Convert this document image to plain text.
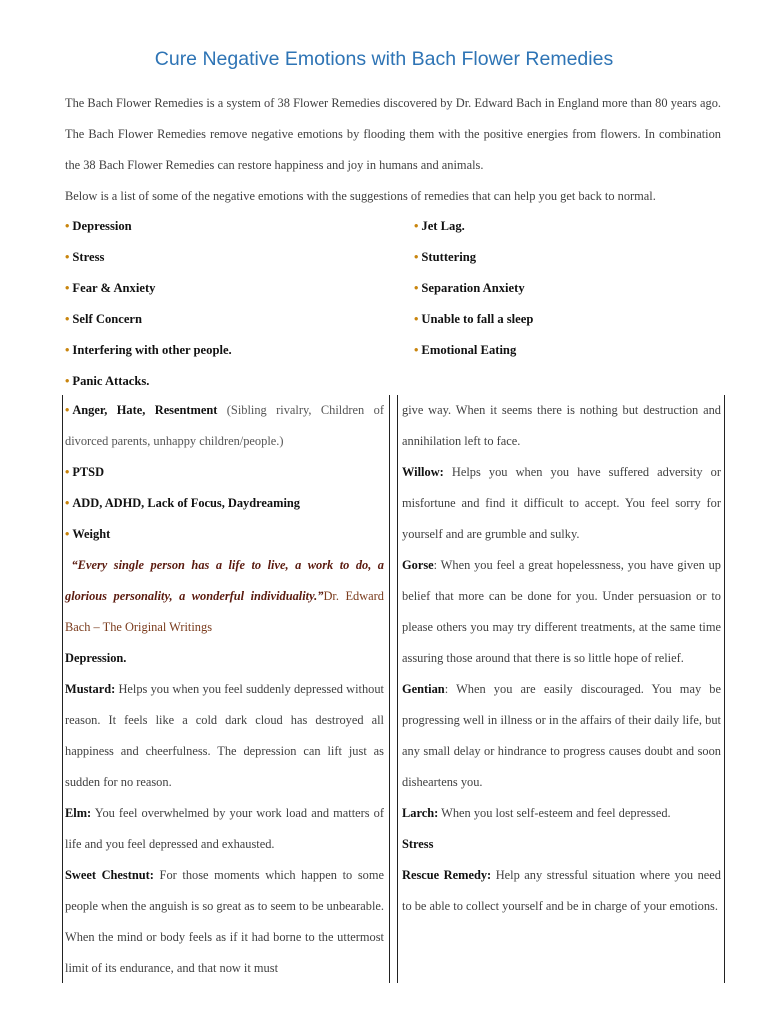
Cure Negative Emotions with Bach Flower Remedies

The Bach Flower Remedies is a system of 38 Flower Remedies discovered by Dr. Edward Bach in England more than 80 years ago. The Bach Flower Remedies remove negative emotions by flooding them with the positive energies from flowers. In combination the 38 Bach Flower Remedies can restore happiness and joy in humans and animals.

Below is a list of some of the negative emotions with the suggestions of remedies that can help you get back to normal.

• Depression
• Stress
• Fear & Anxiety
• Self Concern
• Interfering with other people.
• Panic Attacks.
• Jet Lag.
• Stuttering
• Separation Anxiety
• Unable to fall a sleep
• Emotional Eating

• Anger, Hate, Resentment (Sibling rivalry, Children of divorced parents, unhappy children/people.)

• PTSD

• ADD, ADHD, Lack of Focus, Daydreaming

• Weight

“Every single person has a life to live, a work to do, a glorious personality, a wonderful individuality.”Dr. Edward Bach – The Original Writings

Depression.

Mustard: Helps you when you feel suddenly depressed without reason. It feels like a cold dark cloud has destroyed all happiness and cheerfulness. The depression can lift just as sudden for no reason.

Elm: You feel overwhelmed by your work load and matters of life and you feel depressed and exhausted.

Sweet Chestnut: For those moments which happen to some people when the anguish is so great as to seem to be unbearable. When the mind or body feels as if it had borne to the uttermost limit of its endurance, and that now it must

give way. When it seems there is nothing but destruction and annihilation left to face.

Willow: Helps you when you have suffered adversity or misfortune and find it difficult to accept. You feel sorry for yourself and are grumble and sulky.

Gorse: When you feel a great hopelessness, you have given up belief that more can be done for you. Under persuasion or to please others you may try different treatments, at the same time assuring those around that there is so little hope of relief.

Gentian: When you are easily discouraged. You may be progressing well in illness or in the affairs of their daily life, but any small delay or hindrance to progress causes doubt and soon disheartens you.

Larch: When you lost self-esteem and feel depressed.

Stress

Rescue Remedy: Help any stressful situation where you need to be able to collect yourself and be in charge of your emotions.
